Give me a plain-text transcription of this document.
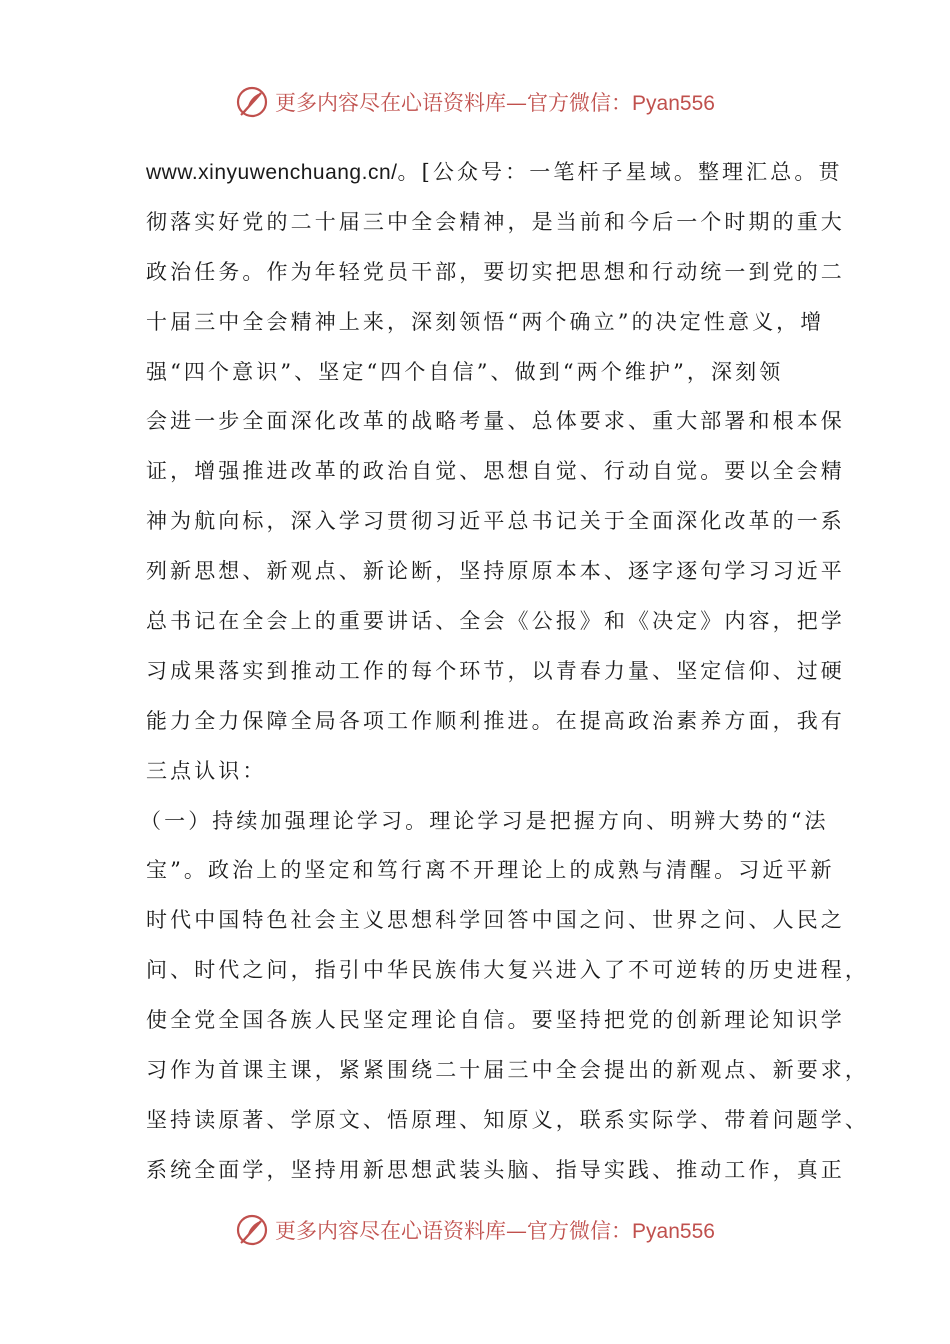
更多内容尽在心语资料库—官方微信：Pyan556
www.xinyuwenchuang.cn/。[公众号：一笔杆子星域。整理汇总。贯
彻落实好党的二十届三中全会精神，是当前和今后一个时期的重大
政治任务。作为年轻党员干部，要切实把思想和行动统一到党的二
十届三中全会精神上来，深刻领悟“两个确立”的决定性意义，增
强“四个意识”、坚定“四个自信”、做到“两个维护”，深刻领
会进一步全面深化改革的战略考量、总体要求、重大部署和根本保
证，增强推进改革的政治自觉、思想自觉、行动自觉。要以全会精
神为航向标，深入学习贯彻习近平总书记关于全面深化改革的一系
列新思想、新观点、新论断，坚持原原本本、逐字逐句学习习近平
总书记在全会上的重要讲话、全会《公报》和《决定》内容，把学
习成果落实到推动工作的每个环节，以青春力量、坚定信仰、过硬
能力全力保障全局各项工作顺利推进。在提高政治素养方面，我有
三点认识：
（一）持续加强理论学习。理论学习是把握方向、明辨大势的“法
宝”。政治上的坚定和笃行离不开理论上的成熟与清醒。习近平新
时代中国特色社会主义思想科学回答中国之问、世界之问、人民之
问、时代之问，指引中华民族伟大复兴进入了不可逆转的历史进程，
使全党全国各族人民坚定理论自信。要坚持把党的创新理论知识学
习作为首课主课，紧紧围绕二十届三中全会提出的新观点、新要求，
坚持读原著、学原文、悟原理、知原义，联系实际学、带着问题学、
系统全面学，坚持用新思想武装头脑、指导实践、推动工作，真正
更多内容尽在心语资料库—官方微信：Pyan556
